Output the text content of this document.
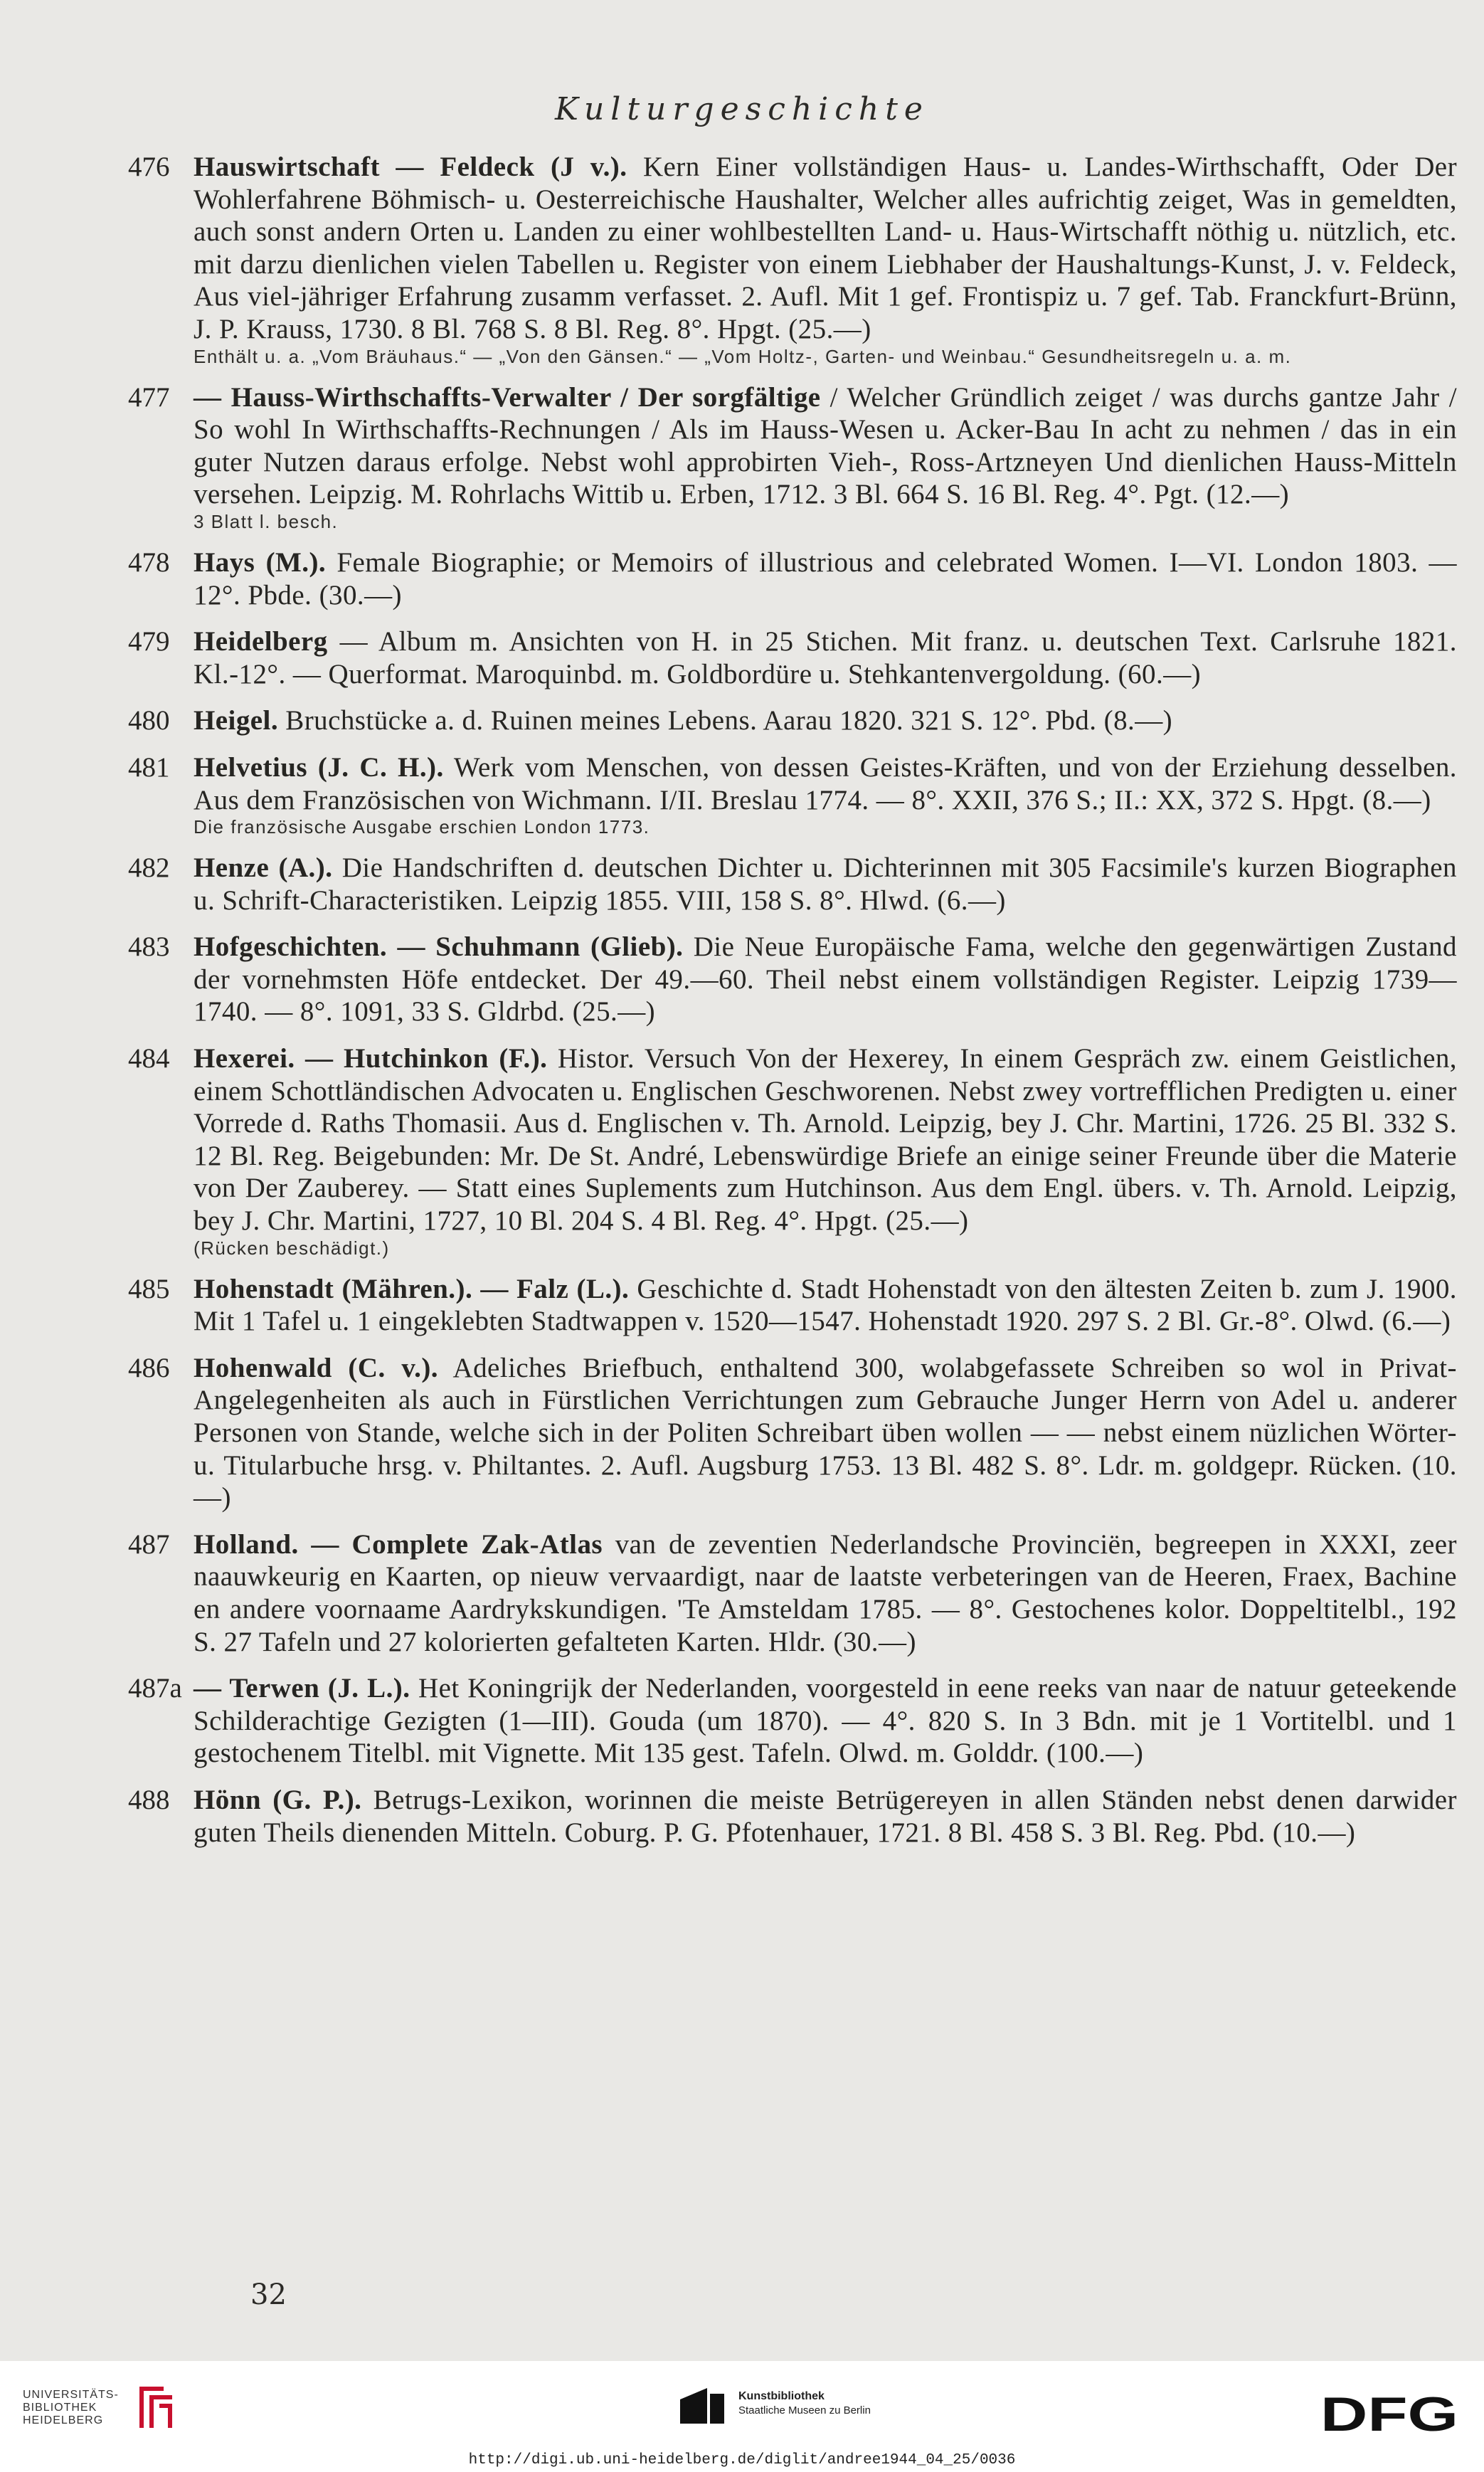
Kulturgeschichte
476 Hauswirtschaft — Feldeck (J v.). Kern Einer vollständigen Haus- u. Landes-Wirthschafft, Oder Der Wohlerfahrene Böhmisch- u. Oesterreichische Haushalter, Welcher alles aufrichtig zeiget, Was in gemeldten, auch sonst andern Orten u. Landen zu einer wohlbestellten Land- u. Haus-Wirtschafft nöthig u. nützlich, etc. mit darzu dienlichen vielen Tabellen u. Register von einem Liebhaber der Haushaltungs-Kunst, J. v. Feldeck, Aus viel-jähriger Erfahrung zusamm verfasset. 2. Aufl. Mit 1 gef. Frontispiz u. 7 gef. Tab. Franckfurt-Brünn, J. P. Krauss, 1730. 8 Bl. 768 S. 8 Bl. Reg. 8°. Hpgt. (25.—)
Enthält u. a. „Vom Bräuhaus.“ — „Von den Gänsen.“ — „Vom Holtz-, Garten- und Weinbau.“ Gesundheitsregeln u. a. m.
477 — Hauss-Wirthschaffts-Verwalter / Der sorgfältige / Welcher Gründlich zeiget / was durchs gantze Jahr / So wohl In Wirthschaffts-Rechnungen / Als im Hauss-Wesen u. Acker-Bau In acht zu nehmen / das in ein guter Nutzen daraus erfolge. Nebst wohl approbirten Vieh-, Ross-Artzneyen Und dienlichen Hauss-Mitteln versehen. Leipzig. M. Rohrlachs Wittib u. Erben, 1712. 3 Bl. 664 S. 16 Bl. Reg. 4°. Pgt. (12.—)
3 Blatt l. besch.
478 Hays (M.). Female Biographie; or Memoirs of illustrious and celebrated Women. I—VI. London 1803. — 12°. Pbde. (30.—)
479 Heidelberg — Album m. Ansichten von H. in 25 Stichen. Mit franz. u. deutschen Text. Carlsruhe 1821. Kl.-12°. — Querformat. Maroquinbd. m. Goldbordüre u. Stehkantenvergoldung. (60.—)
480 Heigel. Bruchstücke a. d. Ruinen meines Lebens. Aarau 1820. 321 S. 12°. Pbd. (8.—)
481 Helvetius (J. C. H.). Werk vom Menschen, von dessen Geistes-Kräften, und von der Erziehung desselben. Aus dem Französischen von Wichmann. I/II. Breslau 1774. — 8°. XXII, 376 S.; II.: XX, 372 S. Hpgt. (8.—)
Die französische Ausgabe erschien London 1773.
482 Henze (A.). Die Handschriften d. deutschen Dichter u. Dichterinnen mit 305 Facsimile's kurzen Biographen u. Schrift-Characteristiken. Leipzig 1855. VIII, 158 S. 8°. Hlwd. (6.—)
483 Hofgeschichten. — Schuhmann (Glieb). Die Neue Europäische Fama, welche den gegenwärtigen Zustand der vornehmsten Höfe entdecket. Der 49.—60. Theil nebst einem vollständigen Register. Leipzig 1739—1740. — 8°. 1091, 33 S. Gldrbd. (25.—)
484 Hexerei. — Hutchinkon (F.). Histor. Versuch Von der Hexerey, In einem Gespräch zw. einem Geistlichen, einem Schottländischen Advocaten u. Englischen Geschworenen. Nebst zwey vortrefflichen Predigten u. einer Vorrede d. Raths Thomasii. Aus d. Englischen v. Th. Arnold. Leipzig, bey J. Chr. Martini, 1726. 25 Bl. 332 S. 12 Bl. Reg. Beigebunden: Mr. De St. André, Lebenswürdige Briefe an einige seiner Freunde über die Materie von Der Zauberey. — Statt eines Suplements zum Hutchinson. Aus dem Engl. übers. v. Th. Arnold. Leipzig, bey J. Chr. Martini, 1727, 10 Bl. 204 S. 4 Bl. Reg. 4°. Hpgt. (25.—)
(Rücken beschädigt.)
485 Hohenstadt (Mähren.). — Falz (L.). Geschichte d. Stadt Hohenstadt von den ältesten Zeiten b. zum J. 1900. Mit 1 Tafel u. 1 eingeklebten Stadtwappen v. 1520—1547. Hohenstadt 1920. 297 S. 2 Bl. Gr.-8°. Olwd. (6.—)
486 Hohenwald (C. v.). Adeliches Briefbuch, enthaltend 300, wolabgefassete Schreiben so wol in Privat-Angelegenheiten als auch in Fürstlichen Verrichtungen zum Gebrauche Junger Herrn von Adel u. anderer Personen von Stande, welche sich in der Politen Schreibart üben wollen — — nebst einem nüzlichen Wörter- u. Titularbuche hrsg. v. Philtantes. 2. Aufl. Augsburg 1753. 13 Bl. 482 S. 8°. Ldr. m. goldgepr. Rücken. (10.—)
487 Holland. — Complete Zak-Atlas van de zeventien Nederlandsche Provinciën, begreepen in XXXI, zeer naauwkeurig en Kaarten, op nieuw vervaardigt, naar de laatste verbeteringen van de Heeren, Fraex, Bachine en andere voornaame Aardrykskundigen. 'Te Amsteldam 1785. — 8°. Gestochenes kolor. Doppeltitelbl., 192 S. 27 Tafeln und 27 kolorierten gefalteten Karten. Hldr. (30.—)
487a — Terwen (J. L.). Het Koningrijk der Nederlanden, voorgesteld in eene reeks van naar de natuur geteekende Schilderachtige Gezigten (1—III). Gouda (um 1870). — 4°. 820 S. In 3 Bdn. mit je 1 Vortitelbl. und 1 gestochenem Titelbl. mit Vignette. Mit 135 gest. Tafeln. Olwd. m. Golddr. (100.—)
488 Hönn (G. P.). Betrugs-Lexikon, worinnen die meiste Betrügereyen in allen Ständen nebst denen darwider guten Theils dienenden Mitteln. Coburg. P. G. Pfotenhauer, 1721. 8 Bl. 458 S. 3 Bl. Reg. Pbd. (10.—)
32
UNIVERSITÄTS-
BIBLIOTHEK
HEIDELBERG
Kunstbibliothek
Staatliche Museen zu Berlin	DFG
http://digi.ub.uni-heidelberg.de/diglit/andree1944_04_25/0036
